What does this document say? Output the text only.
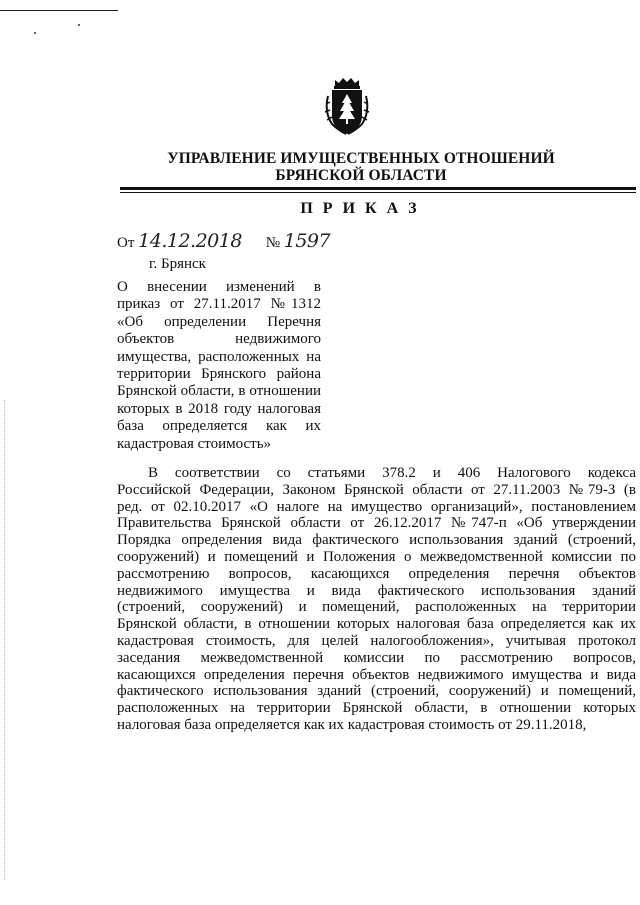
УПРАВЛЕНИЕ ИМУЩЕСТВЕННЫХ ОТНОШЕНИЙ
БРЯНСКОЙ ОБЛАСТИ
П Р И К А З
От 14.12.2018 № 1597
г. Брянск
О внесении изменений в
приказ от 27.11.2017 №1312
«Об определении Перечня
объектов недвижимого
имущества, расположенных на
территории Брянского района
Брянской области, в отношении
которых в 2018 году налоговая
база определяется как их
кадастровая стоимость»
В соответствии со статьями 378.2 и 406 Налогового кодекса
Российской Федерации, Законом Брянской области от 27.11.2003 №79-З (в
ред. от 02.10.2017 «О налоге на имущество организаций», постановлением
Правительства Брянской области от 26.12.2017 №747-п «Об утверждении
Порядка определения вида фактического использования зданий (строений,
сооружений) и помещений и Положения о межведомственной комиссии по
рассмотрению вопросов, касающихся определения перечня объектов
недвижимого имущества и вида фактического использования зданий
(строений, сооружений) и помещений, расположенных на территории
Брянской области, в отношении которых налоговая база определяется как их
кадастровая стоимость, для целей налогообложения», учитывая протокол
заседания межведомственной комиссии по рассмотрению вопросов,
касающихся определения перечня объектов недвижимого имущества и вида
фактического использования зданий (строений, сооружений) и помещений,
расположенных на территории Брянской области, в отношении которых
налоговая база определяется как их кадастровая стоимость от 29.11.2018,
